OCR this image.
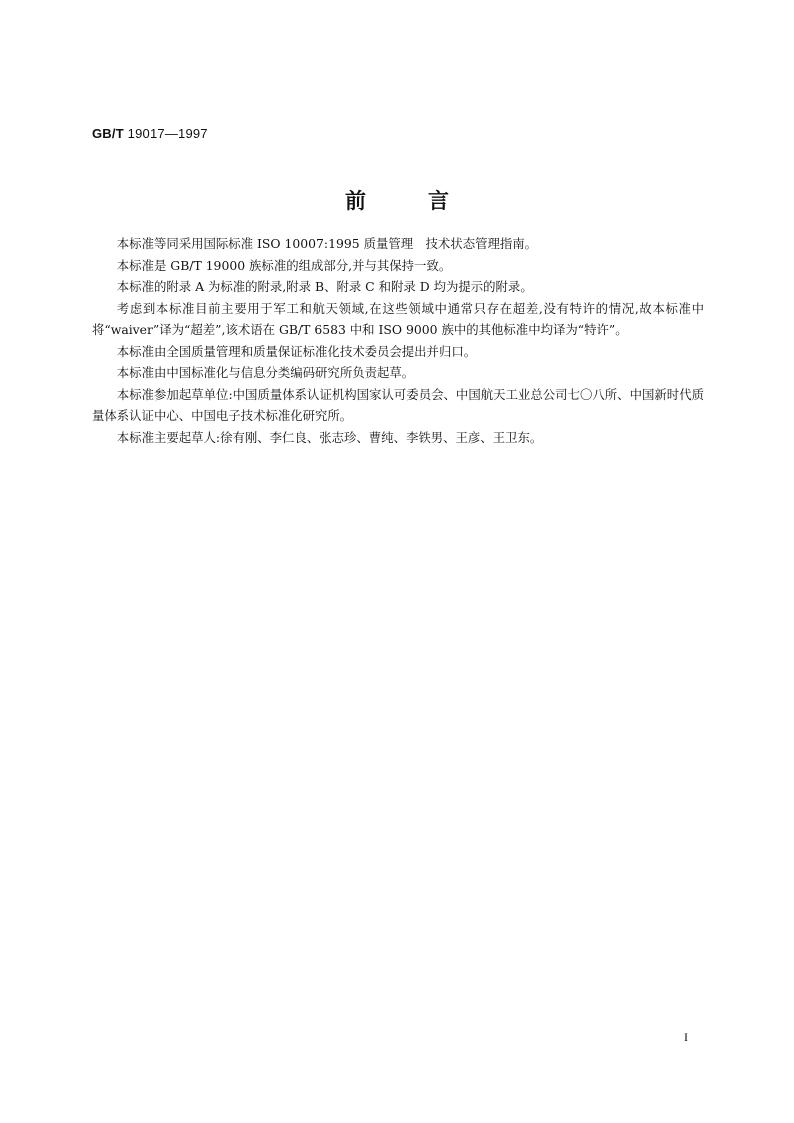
GB/T 19017—1997
前言

本标准等同采用国际标准 ISO 10007:1995 质量管理　技术状态管理指南。

本标准是 GB/T 19000 族标准的组成部分,并与其保持一致。

本标准的附录 A 为标准的附录,附录 B、附录 C 和附录 D 均为提示的附录。

考虑到本标准目前主要用于军工和航天领域,在这些领域中通常只存在超差,没有特许的情况,故本标准中将“waiver”译为“超差”,该术语在 GB/T 6583 中和 ISO 9000 族中的其他标准中均译为“特许”。

本标准由全国质量管理和质量保证标准化技术委员会提出并归口。

本标准由中国标准化与信息分类编码研究所负责起草。

本标准参加起草单位:中国质量体系认证机构国家认可委员会、中国航天工业总公司七〇八所、中国新时代质量体系认证中心、中国电子技术标准化研究所。

本标准主要起草人:徐有刚、李仁良、张志珍、曹纯、李铁男、王彦、王卫东。

I
